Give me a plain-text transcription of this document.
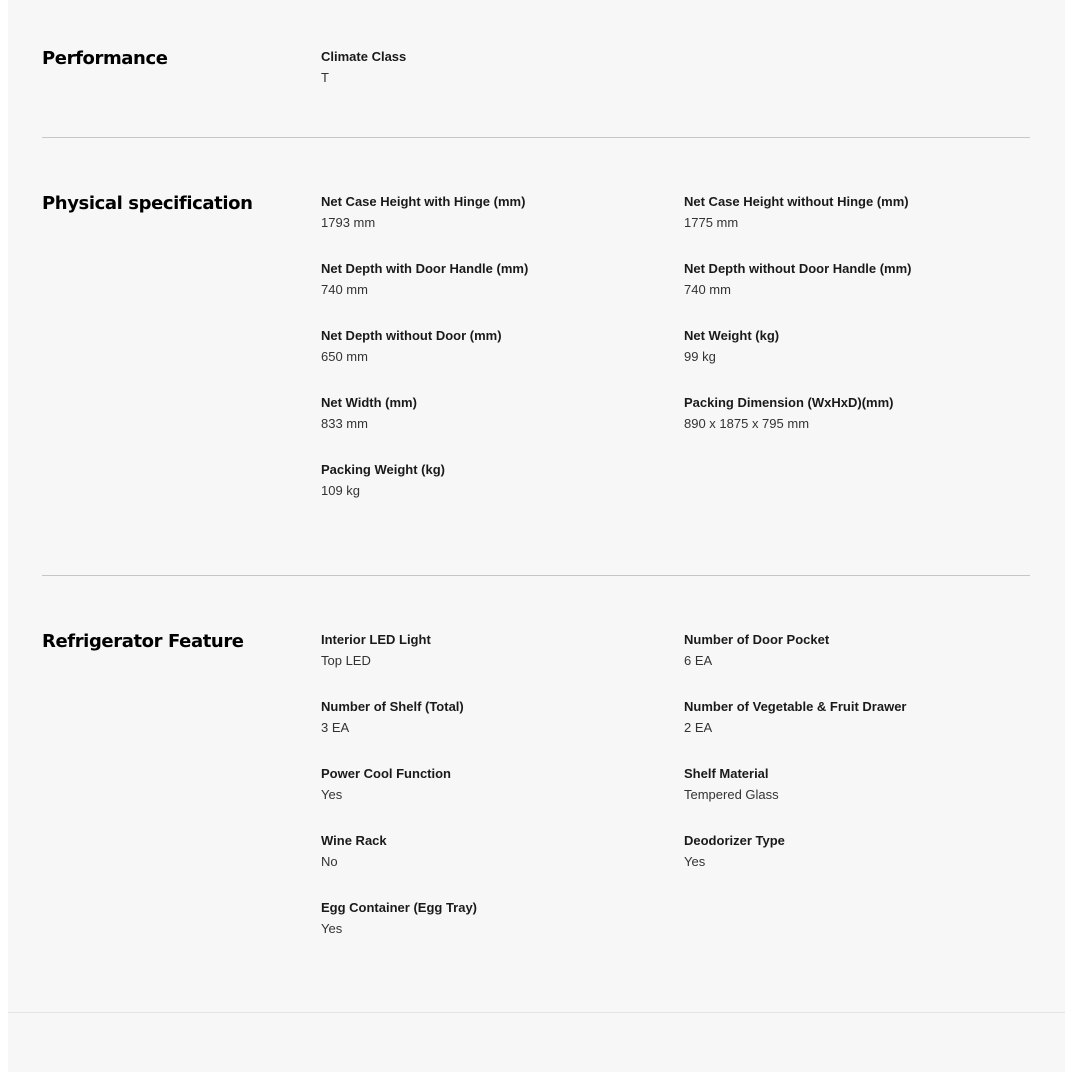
Performance	Climate Class
T
Physical specification	Net Case Height with Hinge (mm)
1793 mm
Net Case Height without Hinge (mm)
1775 mm
Net Depth with Door Handle (mm)
740 mm
Net Depth without Door Handle (mm)
740 mm
Net Depth without Door (mm)
650 mm
Net Weight (kg)
99 kg
Net Width (mm)
833 mm
Packing Dimension (WxHxD)(mm)
890 x 1875 x 795 mm
Packing Weight (kg)
109 kg
Refrigerator Feature	Interior LED Light
Top LED
Number of Door Pocket
6 EA
Number of Shelf (Total)
3 EA
Number of Vegetable & Fruit Drawer
2 EA
Power Cool Function
Yes
Shelf Material
Tempered Glass
Wine Rack
No
Deodorizer Type
Yes
Egg Container (Egg Tray)
Yes
